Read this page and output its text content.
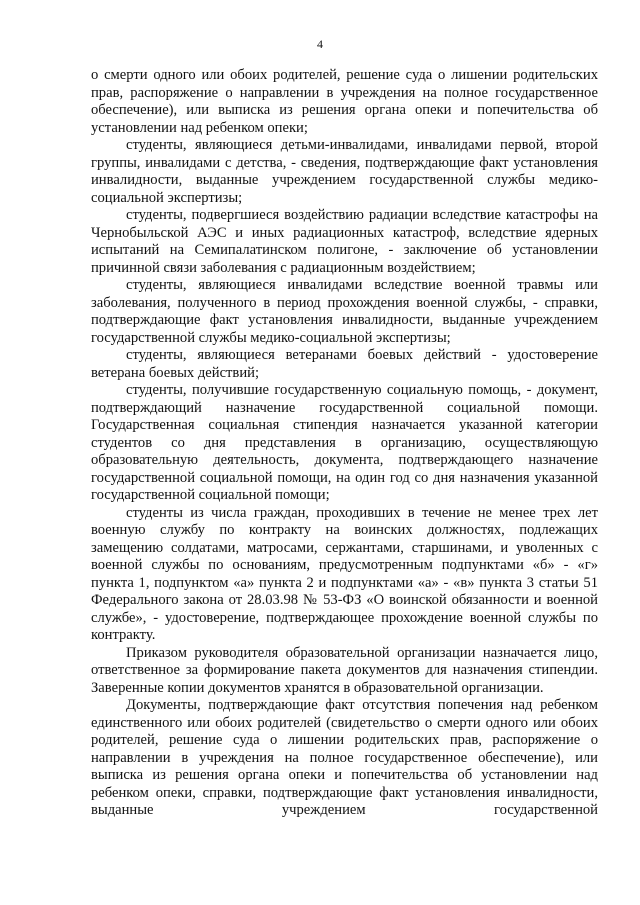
4

о смерти одного или обоих родителей, решение суда о лишении родительских прав, распоряжение о направлении в учреждения на полное государственное обеспечение), или выписка из решения органа опеки и попечительства об установлении над ребенком опеки;

студенты, являющиеся детьми-инвалидами, инвалидами первой, второй группы, инвалидами с детства, - сведения, подтверждающие факт установления инвалидности, выданные учреждением государственной службы медико-социальной экспертизы;

студенты, подвергшиеся воздействию радиации вследствие катастрофы на Чернобыльской АЭС и иных радиационных катастроф, вследствие ядерных испытаний на Семипалатинском полигоне, - заключение об установлении причинной связи заболевания с радиационным воздействием;

студенты, являющиеся инвалидами вследствие военной травмы или заболевания, полученного в период прохождения военной службы, - справки, подтверждающие факт установления инвалидности, выданные учреждением государственной службы медико-социальной экспертизы;

студенты, являющиеся ветеранами боевых действий - удостоверение ветерана боевых действий;

студенты, получившие государственную социальную помощь, - документ, подтверждающий назначение государственной социальной помощи. Государственная социальная стипендия назначается указанной категории студентов со дня представления в организацию, осуществляющую образовательную деятельность, документа, подтверждающего назначение государственной социальной помощи, на один год со дня назначения указанной государственной социальной помощи;

студенты из числа граждан, проходивших в течение не менее трех лет военную службу по контракту на воинских должностях, подлежащих замещению солдатами, матросами, сержантами, старшинами, и уволенных с военной службы по основаниям, предусмотренным подпунктами «б» - «г» пункта 1, подпунктом «а» пункта 2 и подпунктами «а» - «в» пункта 3 статьи 51 Федерального закона от 28.03.98 № 53-ФЗ «О воинской обязанности и военной службе», - удостоверение, подтверждающее прохождение военной службы по контракту.

Приказом руководителя образовательной организации назначается лицо, ответственное за формирование пакета документов для назначения стипендии. Заверенные копии документов хранятся в образовательной организации.

Документы, подтверждающие факт отсутствия попечения над ребенком единственного или обоих родителей (свидетельство о смерти одного или обоих родителей, решение суда о лишении родительских прав, распоряжение о направлении в учреждения на полное государственное обеспечение), или выписка из решения органа опеки и попечительства об установлении над ребенком опеки, справки, подтверждающие факт установления инвалидности, выданные учреждением государственной
